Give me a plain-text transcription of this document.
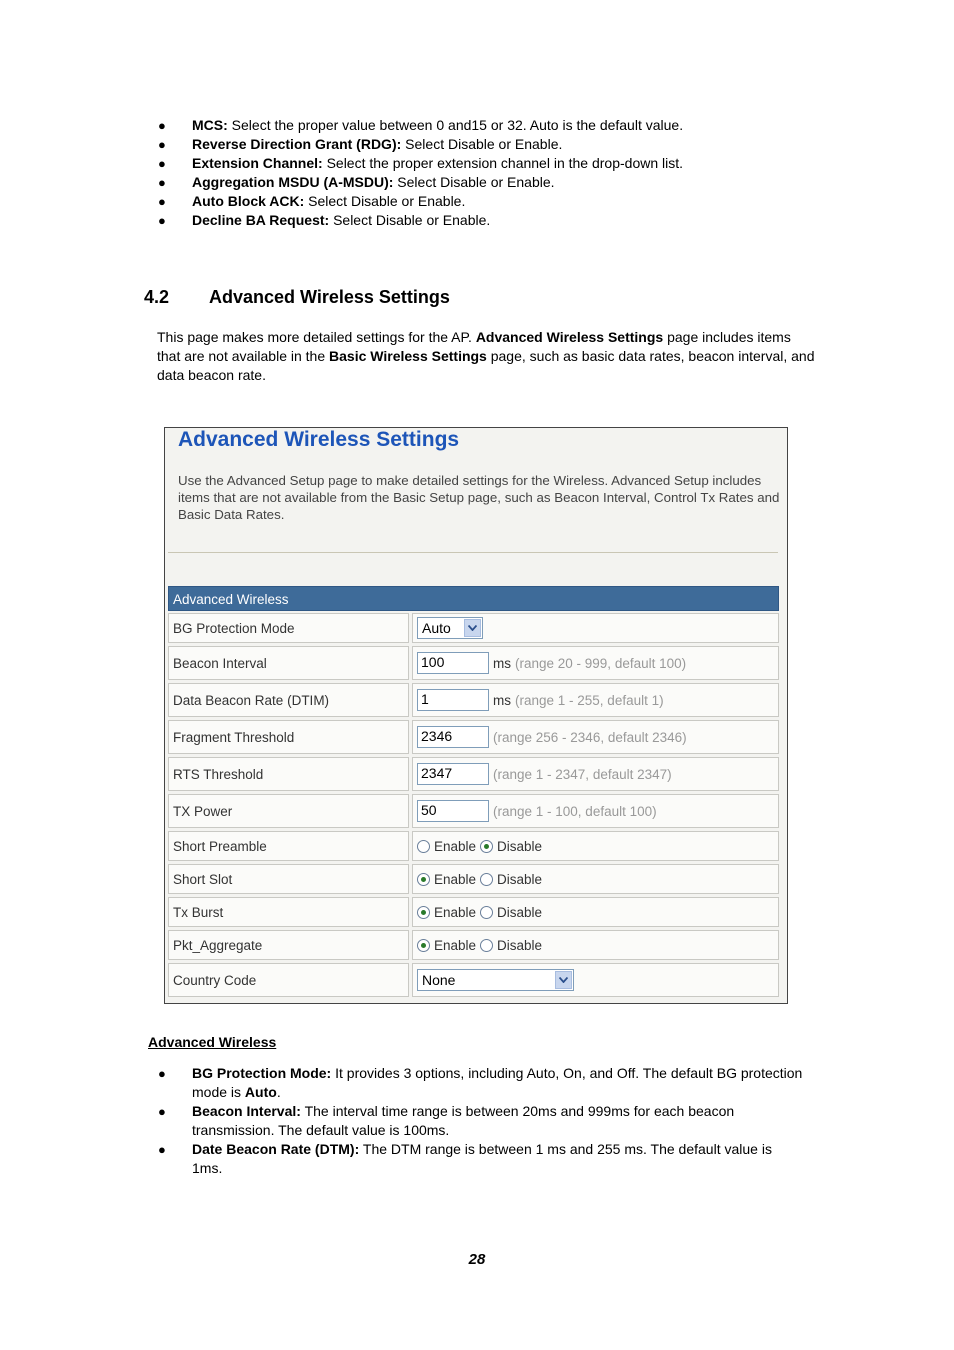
● MCS: Select the proper value between 0 and15 or 32. Auto is the default value.
● Reverse Direction Grant (RDG): Select Disable or Enable.
● Extension Channel: Select the proper extension channel in the drop-down list.
● Aggregation MSDU (A-MSDU): Select Disable or Enable.
● Auto Block ACK: Select Disable or Enable.
● Decline BA Request: Select Disable or Enable.
4.2 Advanced Wireless Settings
This page makes more detailed settings for the AP. Advanced Wireless Settings page includes items that are not available in the Basic Wireless Settings page, such as basic data rates, beacon interval, and data beacon rate.
Advanced Wireless Settings
Use the Advanced Setup page to make detailed settings for the Wireless. Advanced Setup includes items that are not available from the Basic Setup page, such as Beacon Interval, Control Tx Rates and Basic Data Rates.
Advanced Wireless
BG Protection Mode	Auto
Beacon Interval	100	ms (range 20 - 999, default 100)
Data Beacon Rate (DTIM)	1	ms (range 1 - 255, default 1)
Fragment Threshold	2346	(range 256 - 2346, default 2346)
RTS Threshold	2347	(range 1 - 2347, default 2347)
TX Power	50	(range 1 - 100, default 100)
Short Preamble	Enable Disable
Short Slot	Enable Disable
Tx Burst	Enable Disable
Pkt_Aggregate	Enable Disable
Country Code	None
Advanced Wireless
● BG Protection Mode: It provides 3 options, including Auto, On, and Off. The default BG protection mode is Auto.
● Beacon Interval: The interval time range is between 20ms and 999ms for each beacon transmission. The default value is 100ms.
● Date Beacon Rate (DTM): The DTM range is between 1 ms and 255 ms. The default value is 1ms.
28
